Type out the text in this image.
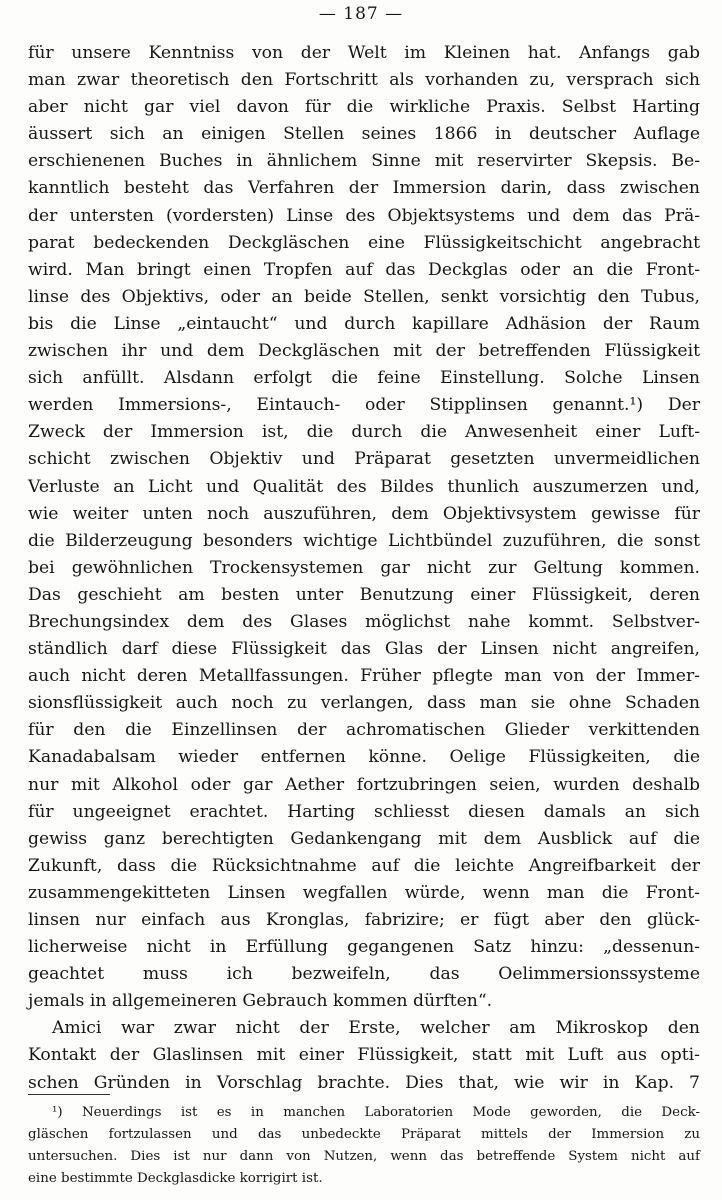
— 187 —
für unsere Kenntniss von der Welt im Kleinen hat. Anfangs gab
man zwar theoretisch den Fortschritt als vorhanden zu, versprach sich
aber nicht gar viel davon für die wirkliche Praxis. Selbst Harting
äussert sich an einigen Stellen seines 1866 in deutscher Auflage
erschienenen Buches in ähnlichem Sinne mit reservirter Skepsis. Be-
kanntlich besteht das Verfahren der Immersion darin, dass zwischen
der untersten (vordersten) Linse des Objektsystems und dem das Prä-
parat bedeckenden Deckgläschen eine Flüssigkeitschicht angebracht
wird. Man bringt einen Tropfen auf das Deckglas oder an die Front-
linse des Objektivs, oder an beide Stellen, senkt vorsichtig den Tubus,
bis die Linse „eintaucht“ und durch kapillare Adhäsion der Raum
zwischen ihr und dem Deckgläschen mit der betreffenden Flüssigkeit
sich anfüllt. Alsdann erfolgt die feine Einstellung. Solche Linsen
werden Immersions-, Eintauch- oder Stipplinsen genannt.¹) Der
Zweck der Immersion ist, die durch die Anwesenheit einer Luft-
schicht zwischen Objektiv und Präparat gesetzten unvermeidlichen
Verluste an Licht und Qualität des Bildes thunlich auszumerzen und,
wie weiter unten noch auszuführen, dem Objektivsystem gewisse für
die Bilderzeugung besonders wichtige Lichtbündel zuzuführen, die sonst
bei gewöhnlichen Trockensystemen gar nicht zur Geltung kommen.
Das geschieht am besten unter Benutzung einer Flüssigkeit, deren
Brechungsindex dem des Glases möglichst nahe kommt. Selbstver-
ständlich darf diese Flüssigkeit das Glas der Linsen nicht angreifen,
auch nicht deren Metallfassungen. Früher pflegte man von der Immer-
sionsflüssigkeit auch noch zu verlangen, dass man sie ohne Schaden
für den die Einzellinsen der achromatischen Glieder verkittenden
Kanadabalsam wieder entfernen könne. Oelige Flüssigkeiten, die
nur mit Alkohol oder gar Aether fortzubringen seien, wurden deshalb
für ungeeignet erachtet. Harting schliesst diesen damals an sich
gewiss ganz berechtigten Gedankengang mit dem Ausblick auf die
Zukunft, dass die Rücksichtnahme auf die leichte Angreifbarkeit der
zusammengekitteten Linsen wegfallen würde, wenn man die Front-
linsen nur einfach aus Kronglas, fabrizire; er fügt aber den glück-
licherweise nicht in Erfüllung gegangenen Satz hinzu: „dessenun-
geachtet muss ich bezweifeln, das Oelimmersionssysteme
jemals in allgemeineren Gebrauch kommen dürften“.
Amici war zwar nicht der Erste, welcher am Mikroskop den
Kontakt der Glaslinsen mit einer Flüssigkeit, statt mit Luft aus opti-
schen Gründen in Vorschlag brachte. Dies that, wie wir in Kap. 7
¹) Neuerdings ist es in manchen Laboratorien Mode geworden, die Deck-
gläschen fortzulassen und das unbedeckte Präparat mittels der Immersion zu
untersuchen. Dies ist nur dann von Nutzen, wenn das betreffende System nicht auf
eine bestimmte Deckglasdicke korrigirt ist.
